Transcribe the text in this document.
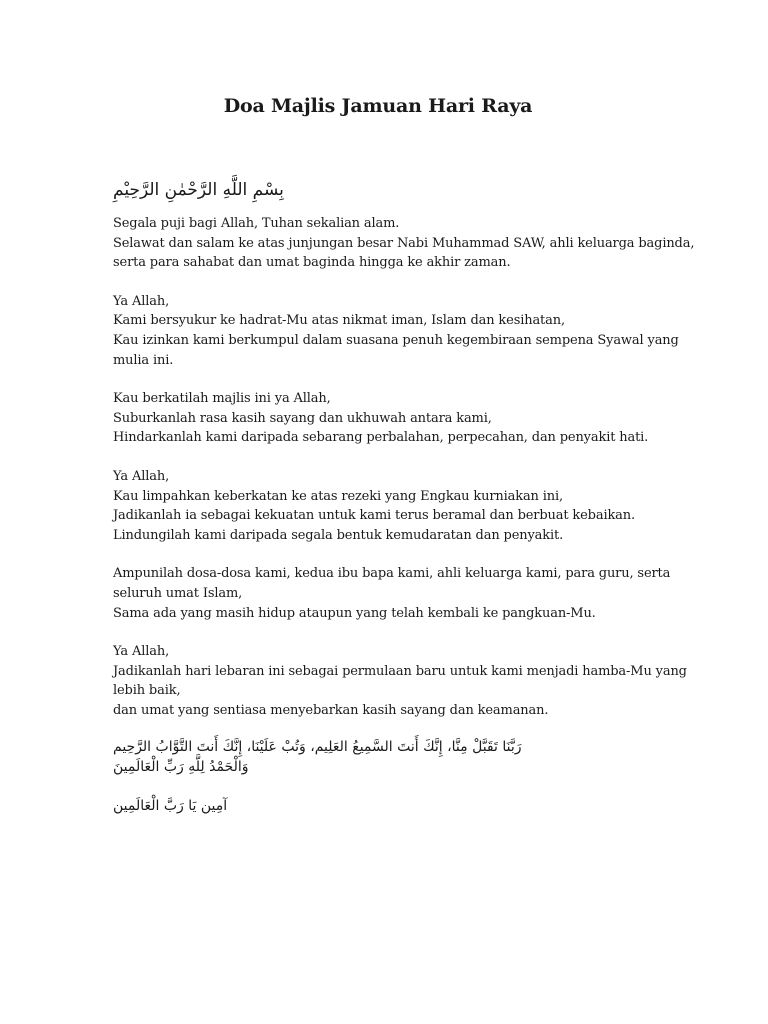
Doa Majlis Jamuan Hari Raya
بِسْمِ اللَّهِ الرَّحْمٰنِ الرَّحِيْمِ
Segala puji bagi Allah, Tuhan sekalian alam.
Selawat dan salam ke atas junjungan besar Nabi Muhammad SAW, ahli keluarga baginda,
serta para sahabat dan umat baginda hingga ke akhir zaman.
Ya Allah,
Kami bersyukur ke hadrat-Mu atas nikmat iman, Islam dan kesihatan,
Kau izinkan kami berkumpul dalam suasana penuh kegembiraan sempena Syawal yang
mulia ini.
Kau berkatilah majlis ini ya Allah,
Suburkanlah rasa kasih sayang dan ukhuwah antara kami,
Hindarkanlah kami daripada sebarang perbalahan, perpecahan, dan penyakit hati.
Ya Allah,
Kau limpahkan keberkatan ke atas rezeki yang Engkau kurniakan ini,
Jadikanlah ia sebagai kekuatan untuk kami terus beramal dan berbuat kebaikan.
Lindungilah kami daripada segala bentuk kemudaratan dan penyakit.
Ampunilah dosa-dosa kami, kedua ibu bapa kami, ahli keluarga kami, para guru, serta
seluruh umat Islam,
Sama ada yang masih hidup ataupun yang telah kembali ke pangkuan-Mu.
Ya Allah,
Jadikanlah hari lebaran ini sebagai permulaan baru untuk kami menjadi hamba-Mu yang
lebih baik,
dan umat yang sentiasa menyebarkan kasih sayang dan keamanan.
رَبَّنَا تَقَبَّلْ مِنَّا، إِنَّكَ أَنتَ السَّمِيعُ العَلِيم، وَتُبْ عَلَيْنَا، إِنَّكَ أَنتَ التَّوَّابُ الرَّحِيم
وَالْحَمْدُ لِلَّهِ رَبِّ الْعَالَمِينَ
آمِين يَا رَبَّ الْعَالَمِين
